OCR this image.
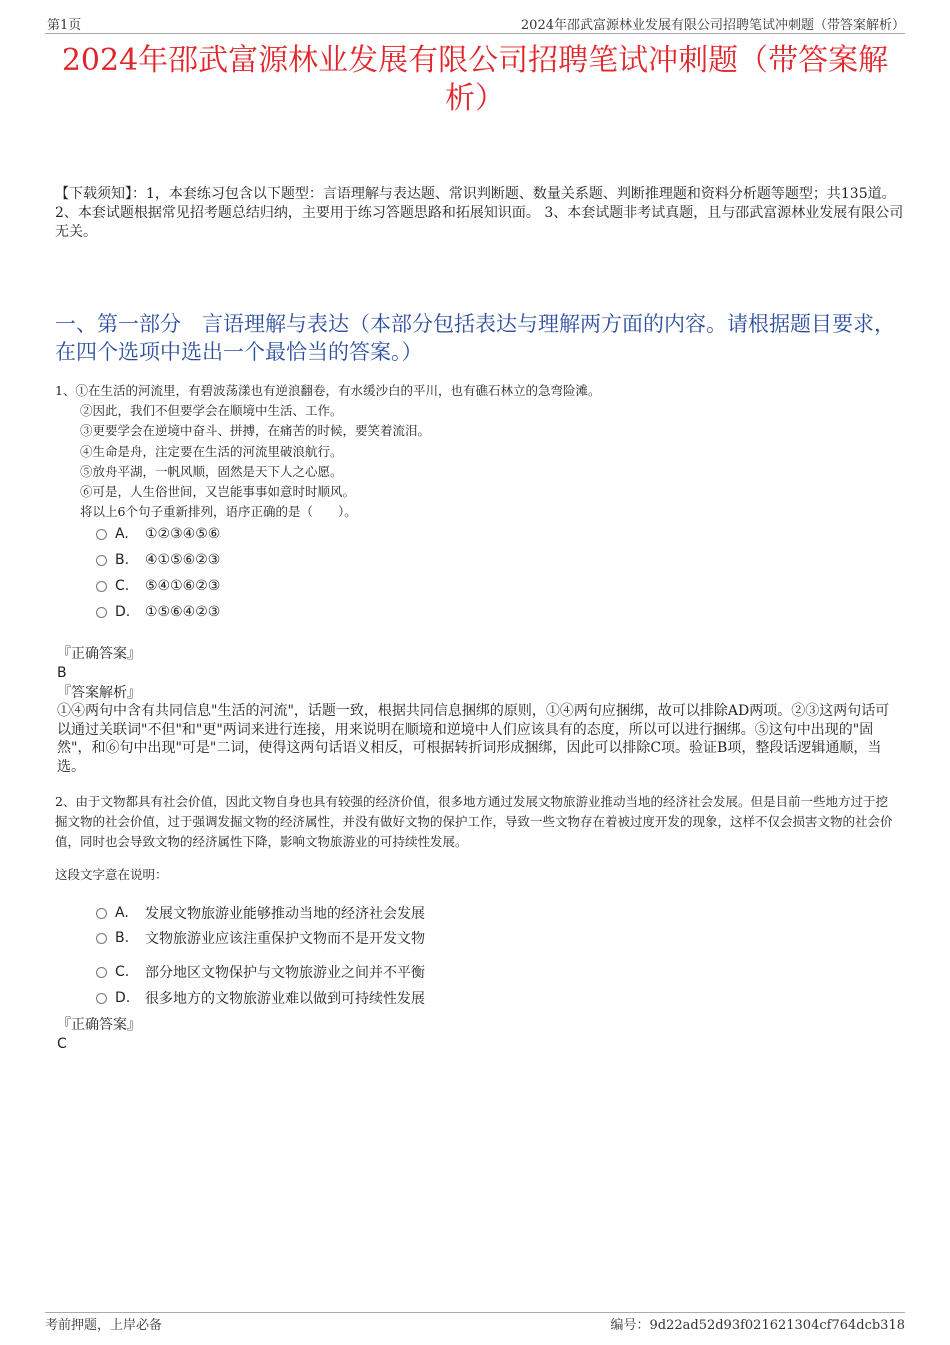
第1页	2024年邵武富源林业发展有限公司招聘笔试冲刺题（带答案解析）
2024年邵武富源林业发展有限公司招聘笔试冲刺题（带答案解析）
【下载须知】：1，本套练习包含以下题型：言语理解与表达题、常识判断题、数量关系题、判断推理题和资料分析题等题型；共135道。 2、本套试题根据常见招考题总结归纳，主要用于练习答题思路和拓展知识面。 3、本套试题非考试真题，且与邵武富源林业发展有限公司无关。
一、第一部分　言语理解与表达（本部分包括表达与理解两方面的内容。请根据题目要求，在四个选项中选出一个最恰当的答案。）
1、①在生活的河流里，有碧波荡漾也有逆浪翻卷，有水缓沙白的平川，也有礁石林立的急弯险滩。
②因此，我们不但要学会在顺境中生活、工作。
③更要学会在逆境中奋斗、拼搏，在痛苦的时候，要笑着流泪。
④生命是舟，注定要在生活的河流里破浪航行。
⑤放舟平湖，一帆风顺，固然是天下人之心愿。
⑥可是，人生俗世间，又岂能事事如意时时顺风。
将以上6个句子重新排列，语序正确的是（　　）。
A.	①②③④⑤⑥
B.	④①⑤⑥②③
C.	⑤④①⑥②③
D.	①⑤⑥④②③
『正确答案』
B
『答案解析』
①④两句中含有共同信息"生活的河流"，话题一致，根据共同信息捆绑的原则，①④两句应捆绑，故可以排除AD两项。②③这两句话可以通过关联词"不但"和"更"两词来进行连接，用来说明在顺境和逆境中人们应该具有的态度，所以可以进行捆绑。⑤这句中出现的"固然"，和⑥句中出现"可是"二词，使得这两句话语义相反，可根据转折词形成捆绑，因此可以排除C项。验证B项，整段话逻辑通顺，当选。
2、由于文物都具有社会价值，因此文物自身也具有较强的经济价值，很多地方通过发展文物旅游业推动当地的经济社会发展。但是目前一些地方过于挖掘文物的社会价值，过于强调发掘文物的经济属性，并没有做好文物的保护工作，导致一些文物存在着被过度开发的现象，这样不仅会损害文物的社会价值，同时也会导致文物的经济属性下降，影响文物旅游业的可持续性发展。
这段文字意在说明：
A.	发展文物旅游业能够推动当地的经济社会发展
B.	文物旅游业应该注重保护文物而不是开发文物
C.	部分地区文物保护与文物旅游业之间并不平衡
D.	很多地方的文物旅游业难以做到可持续性发展
『正确答案』
C
考前押题，上岸必备	编号：9d22ad52d93f021621304cf764dcb318
